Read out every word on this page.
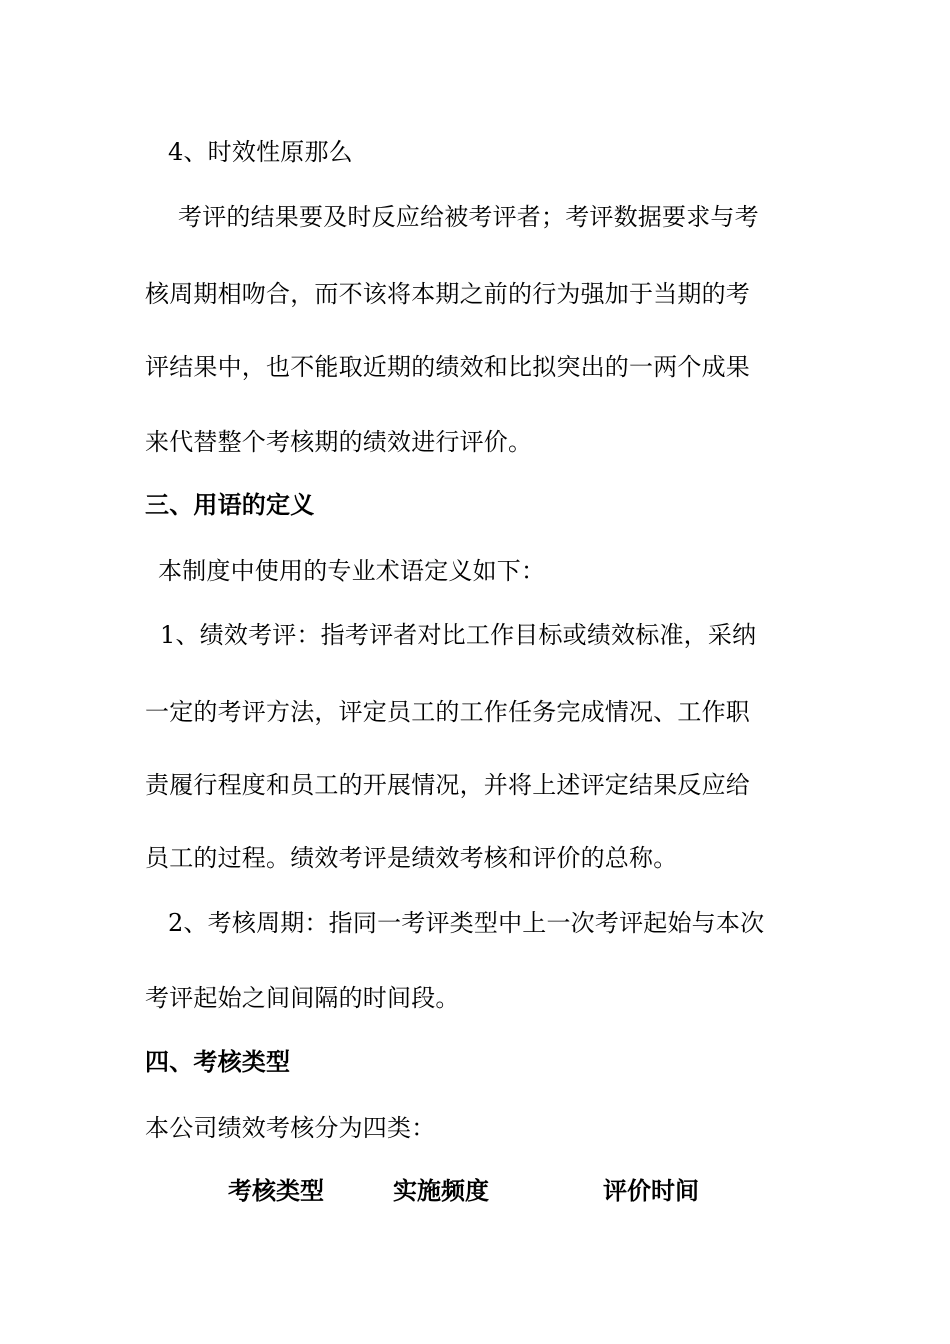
4、时效性原那么
考评的结果要及时反应给被考评者；考评数据要求与考
核周期相吻合，而不该将本期之前的行为强加于当期的考
评结果中，也不能取近期的绩效和比拟突出的一两个成果
来代替整个考核期的绩效进行评价。
三、用语的定义
本制度中使用的专业术语定义如下：
1、绩效考评：指考评者对比工作目标或绩效标准，采纳
一定的考评方法，评定员工的工作任务完成情况、工作职
责履行程度和员工的开展情况，并将上述评定结果反应给
员工的过程。绩效考评是绩效考核和评价的总称。
2、考核周期：指同一考评类型中上一次考评起始与本次
考评起始之间间隔的时间段。
四、考核类型
本公司绩效考核分为四类：
考核类型	实施频度	评价时间
